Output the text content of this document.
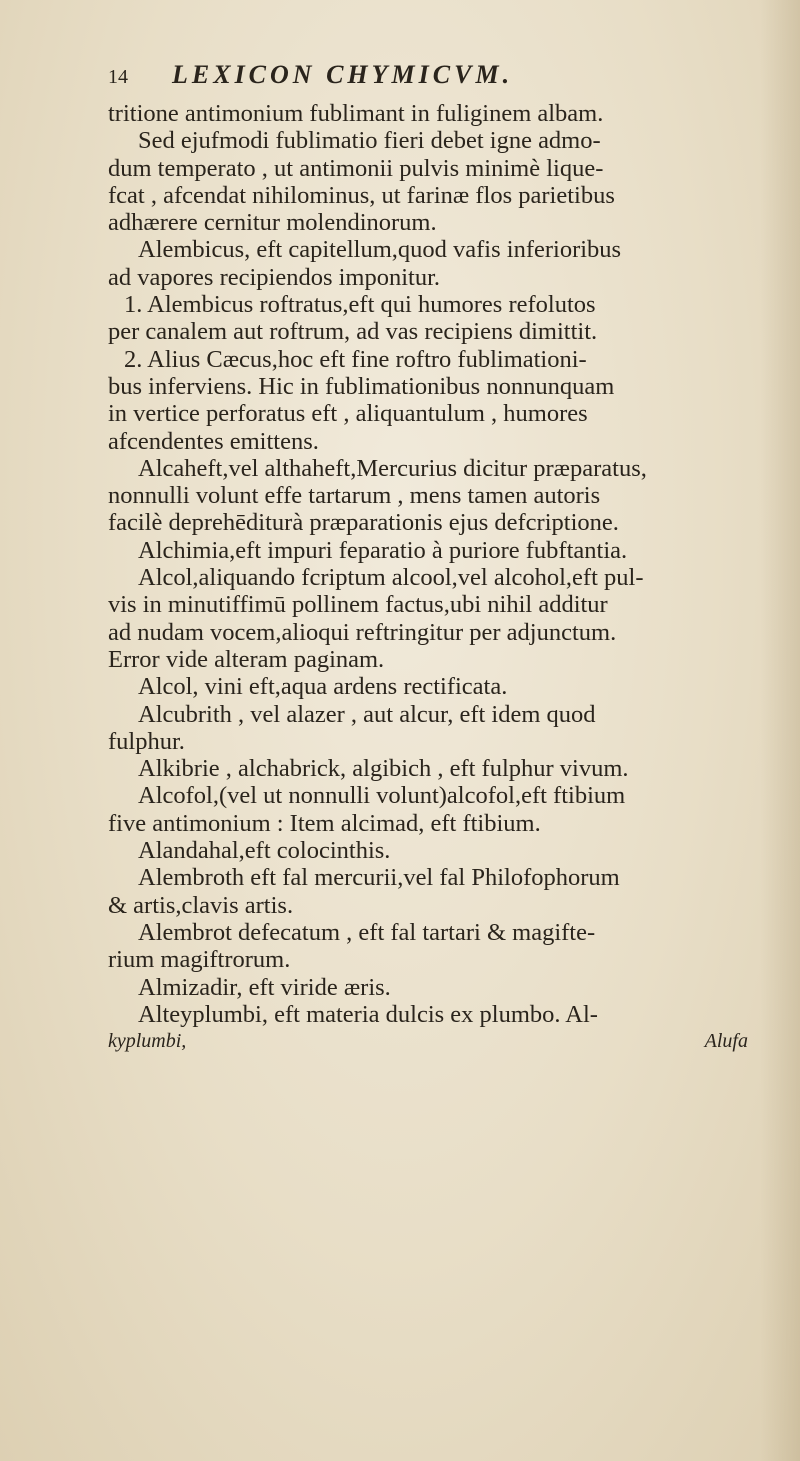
14 LEXICON CHYMICVM.
tritione antimonium fublimant in fuliginem albam.
Sed ejufmodi fublimatio fieri debet igne admo-
dum temperato , ut antimonii pulvis minimè lique-
fcat , afcendat nihilominus, ut farinæ flos parietibus
adhærere cernitur molendinorum.
Alembicus, eft capitellum,quod vafis inferioribus
ad vapores recipiendos imponitur.
1. Alembicus roftratus,eft qui humores refolutos
per canalem aut roftrum, ad vas recipiens dimittit.
2. Alius Cæcus,hoc eft fine roftro fublimationi-
bus inferviens. Hic in fublimationibus nonnunquam
in vertice perforatus eft , aliquantulum , humores
afcendentes emittens.
Alcaheft,vel althaheft,Mercurius dicitur præparatus,
nonnulli volunt effe tartarum , mens tamen autoris
facilè deprehēditurà præparationis ejus defcriptione.
Alchimia,eft impuri feparatio à puriore fubftantia.
Alcol,aliquando fcriptum alcool,vel alcohol,eft pul-
vis in minutiffimū pollinem factus,ubi nihil additur
ad nudam vocem,alioqui reftringitur per adjunctum.
Error vide alteram paginam.
Alcol, vini eft,aqua ardens rectificata.
Alcubrith , vel alazer , aut alcur, eft idem quod
fulphur.
Alkibrie , alchabrick, algibich , eft fulphur vivum.
Alcofol,(vel ut nonnulli volunt)alcofol,eft ftibium
five antimonium : Item alcimad, eft ftibium.
Alandahal,eft colocinthis.
Alembroth eft fal mercurii,vel fal Philofophorum
& artis,clavis artis.
Alembrot defecatum , eft fal tartari & magifte-
rium magiftrorum.
Almizadir, eft viride æris.
Alteyplumbi, eft materia dulcis ex plumbo. Al-
kyplumbi,	Alufa
